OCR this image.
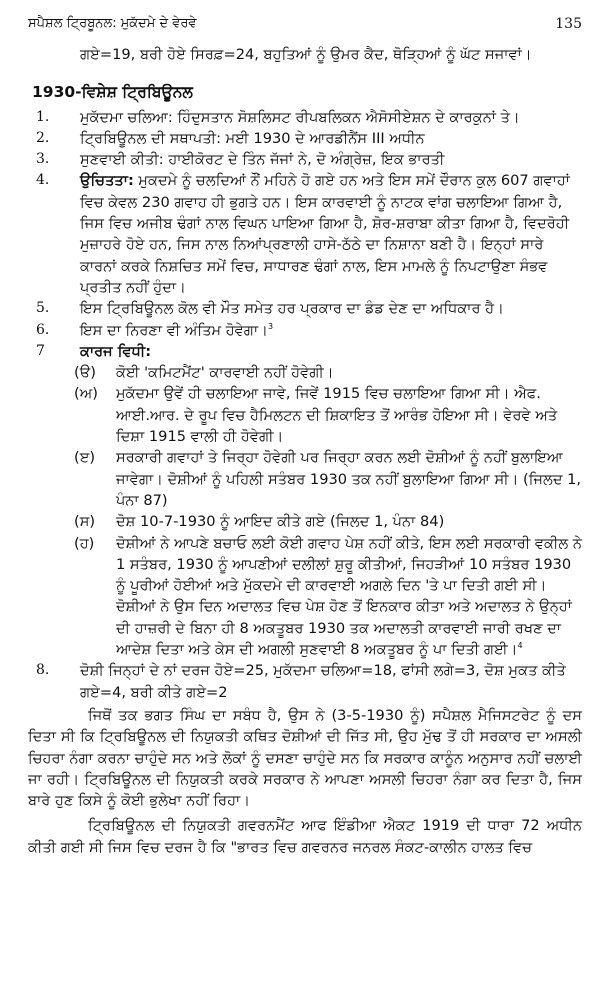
ਸਪੈਸ਼ਲ ਟ੍ਰਿਬੂਨਲ: ਮੁਕੱਦਮੇ ਦੇ ਵੇਰਵੇ	135

ਗਏ=19, ਬਰੀ ਹੋਏ ਸਿਰਫ਼=24, ਬਹੁਤਿਆਂ ਨੂੰ ਉਮਰ ਕੈਦ, ਥੋੜ੍ਹਿਆਂ ਨੂੰ ਘੱਟ ਸਜਾਵਾਂ।

1930-ਵਿਸ਼ੇਸ਼ ਟ੍ਰਿਬਿਊਨਲ
1. ਮੁਕੱਦਮਾ ਚਲਿਆ: ਹਿੰਦੁਸਤਾਨ ਸੋਸ਼ਲਿਸਟ ਰੀਪਬਲਿਕਨ ਐਸੋਸੀਏਸ਼ਨ ਦੇ ਕਾਰਕੁਨਾਂ ਤੇ।
2. ਟ੍ਰਿਬਿਊਨਲ ਦੀ ਸਥਾਪਤੀ: ਮਈ 1930 ਦੇ ਆਰਡੀਨੈਂਸ III ਅਧੀਨ
3. ਸੁਣਵਾਈ ਕੀਤੀ: ਹਾਈਕੋਰਟ ਦੇ ਤਿੰਨ ਜੱਜਾਂ ਨੇ, ਦੋ ਅੰਗ੍ਰੇਜ਼, ਇਕ ਭਾਰਤੀ
4. ਉਚਿਤਤਾ: ਮੁਕਦਮੇ ਨੂੰ ਚਲਦਿਆਂ ਨੌਂ ਮਹਿਨੇ ਹੋ ਗਏ ਹਨ ਅਤੇ ਇਸ ਸਮੇਂ ਦੌਰਾਨ ਕੁਲ 607 ਗਵਾਹਾਂ ਵਿਚ ਕੇਵਲ 230 ਗਵਾਹ ਹੀ ਭੁਗਤੇ ਹਨ। ਇਸ ਕਾਰਵਾਈ ਨੂੰ ਨਾਟਕ ਵਾਂਗ ਚਲਾਇਆ ਗਿਆ ਹੈ, ਜਿਸ ਵਿਚ ਅਜੀਬ ਢੰਗਾਂ ਨਾਲ ਵਿਘਨ ਪਾਇਆ ਗਿਆ ਹੈ, ਸ਼ੋਰ-ਸ਼ਰਾਬਾ ਕੀਤਾ ਗਿਆ ਹੈ, ਵਿਦਰੋਹੀ ਮੁਜ਼ਾਹਰੇ ਹੋਏ ਹਨ, ਜਿਸ ਨਾਲ ਨਿਆਂਪ੍ਰਣਾਲੀ ਹਾਸੇ-ਠੱਠੇ ਦਾ ਨਿਸ਼ਾਨਾ ਬਣੀ ਹੈ। ਇਨ੍ਹਾਂ ਸਾਰੇ ਕਾਰਨਾਂ ਕਰਕੇ ਨਿਸ਼ਚਿਤ ਸਮੇਂ ਵਿਚ, ਸਾਧਾਰਣ ਢੰਗਾਂ ਨਾਲ, ਇਸ ਮਾਮਲੇ ਨੂੰ ਨਿਪਟਾਉਣਾ ਸੰਭਵ ਪ੍ਰਤੀਤ ਨਹੀਂ ਹੁੰਦਾ।
5. ਇਸ ਟ੍ਰਿਬਿਊਨਲ ਕੋਲ ਵੀ ਮੌਤ ਸਮੇਤ ਹਰ ਪ੍ਰਕਾਰ ਦਾ ਡੰਡ ਦੇਣ ਦਾ ਅਧਿਕਾਰ ਹੈ।
6. ਇਸ ਦਾ ਨਿਰਣਾ ਵੀ ਅੰਤਿਮ ਹੋਵੇਗਾ।$^3$
7 ਕਾਰਜ ਵਿਧੀ:
(ੳ) ਕੋਈ 'ਕਮਿਟਮੈਂਟ' ਕਾਰਵਾਈ ਨਹੀਂ ਹੋਵੇਗੀ।
(ਅ) ਮੁਕੱਦਮਾ ਉਵੇਂ ਹੀ ਚਲਾਇਆ ਜਾਵੇ, ਜਿਵੇਂ 1915 ਵਿਚ ਚਲਾਇਆ ਗਿਆ ਸੀ। ਐਫ. ਆਈ.ਆਰ. ਦੇ ਰੂਪ ਵਿਚ ਹੈਮਿਲਟਨ ਦੀ ਸ਼ਿਕਾਇਤ ਤੋਂ ਆਰੰਭ ਹੋਇਆ ਸੀ। ਵੇਰਵੇ ਅਤੇ ਦਿਸ਼ਾ 1915 ਵਾਲੀ ਹੀ ਹੋਵੇਗੀ।
(ੲ) ਸਰਕਾਰੀ ਗਵਾਹਾਂ ਤੇ ਜਿਰ੍ਹਾ ਹੋਵੇਗੀ ਪਰ ਜਿਰ੍ਹਾ ਕਰਨ ਲਈ ਦੋਸ਼ੀਆਂ ਨੂੰ ਨਹੀਂ ਬੁਲਾਇਆ ਜਾਵੇਗਾ। ਦੋਸ਼ੀਆਂ ਨੂੰ ਪਹਿਲੀ ਸਤੰਬਰ 1930 ਤਕ ਨਹੀਂ ਬੁਲਾਇਆ ਗਿਆ ਸੀ। (ਜਿਲਦ 1, ਪੰਨਾ 87)
(ਸ) ਦੋਸ਼ 10-7-1930 ਨੂੰ ਆਇਦ ਕੀਤੇ ਗਏ (ਜਿਲਦ 1, ਪੰਨਾ 84)
(ਹ) ਦੋਸ਼ੀਆਂ ਨੇ ਆਪਣੇ ਬਚਾਓ ਲਈ ਕੋਈ ਗਵਾਹ ਪੇਸ਼ ਨਹੀਂ ਕੀਤੇ, ਇਸ ਲਈ ਸਰਕਾਰੀ ਵਕੀਲ ਨੇ 1 ਸਤੰਬਰ, 1930 ਨੂੰ ਆਪਣੀਆਂ ਦਲੀਲਾਂ ਸ਼ੁਰੂ ਕੀਤੀਆਂ, ਜਿਹੜੀਆਂ 10 ਸਤੰਬਰ 1930 ਨੂੰ ਪੂਰੀਆਂ ਹੋਈਆਂ ਅਤੇ ਮੁੱਕਦਮੇ ਦੀ ਕਾਰਵਾਈ ਅਗਲੇ ਦਿਨ 'ਤੇ ਪਾ ਦਿਤੀ ਗਈ ਸੀ। ਦੋਸ਼ੀਆਂ ਨੇ ਉਸ ਦਿਨ ਅਦਾਲਤ ਵਿਚ ਪੇਸ਼ ਹੋਣ ਤੋਂ ਇਨਕਾਰ ਕੀਤਾ ਅਤੇ ਅਦਾਲਤ ਨੇ ਉਨ੍ਹਾਂ ਦੀ ਹਾਜ਼ਰੀ ਦੇ ਬਿਨਾ ਹੀ 8 ਅਕਤੂਬਰ 1930 ਤਕ ਅਦਾਲਤੀ ਕਾਰਵਾਈ ਜਾਰੀ ਰਖਣ ਦਾ ਆਦੇਸ਼ ਦਿਤਾ ਅਤੇ ਕੇਸ ਦੀ ਅਗਲੀ ਸੁਣਵਾਈ 8 ਅਕਤੂਬਰ ਨੂੰ ਪਾ ਦਿਤੀ ਗਈ।$^4$
8. ਦੋਸ਼ੀ ਜਿਨ੍ਹਾਂ ਦੇ ਨਾਂ ਦਰਜ ਹੋਏ=25, ਮੁਕੱਦਮਾ ਚਲਿਆ=18, ਫਾਂਸੀ ਲਗੇ=3, ਦੋਸ਼ ਮੁਕਤ ਕੀਤੇ ਗਏ=4, ਬਰੀ ਕੀਤੇ ਗਏ=2

ਜਿਥੋਂ ਤਕ ਭਗਤ ਸਿੰਘ ਦਾ ਸਬੰਧ ਹੈ, ਉਸ ਨੇ (3-5-1930 ਨੂੰ) ਸਪੈਸ਼ਲ ਮੈਜਿਸਟਰੇਟ ਨੂੰ ਦਸ ਦਿਤਾ ਸੀ ਕਿ ਟ੍ਰਿਬਿਊਨਲ ਦੀ ਨਿਯੁਕਤੀ ਕਥਿਤ ਦੋਸ਼ੀਆਂ ਦੀ ਜਿੱਤ ਸੀ, ਉਹ ਮੁੱਢ ਤੋਂ ਹੀ ਸਰਕਾਰ ਦਾ ਅਸਲੀ ਚਿਹਰਾ ਨੰਗਾ ਕਰਨਾ ਚਾਹੁੰਦੇ ਸਨ ਅਤੇ ਲੋਕਾਂ ਨੂੰ ਦਸਣਾ ਚਾਹੁੰਦੇ ਸਨ ਕਿ ਸਰਕਾਰ ਕਾਨੂੰਨ ਅਨੁਸਾਰ ਨਹੀਂ ਚਲਾਈ ਜਾ ਰਹੀ। ਟ੍ਰਿਬਿਊਨਲ ਦੀ ਨਿਯੁਕਤੀ ਕਰਕੇ ਸਰਕਾਰ ਨੇ ਆਪਣਾ ਅਸਲੀ ਚਿਹਰਾ ਨੰਗਾ ਕਰ ਦਿਤਾ ਹੈ, ਜਿਸ ਬਾਰੇ ਹੁਣ ਕਿਸੇ ਨੂੰ ਕੋਈ ਭੁਲੇਖਾ ਨਹੀਂ ਰਿਹਾ।

ਟ੍ਰਿਬਿਊਨਲ ਦੀ ਨਿਯੁਕਤੀ ਗਵਰਨਮੈਂਟ ਆਫ ਇੰਡੀਆ ਐਕਟ 1919 ਦੀ ਧਾਰਾ 72 ਅਧੀਨ ਕੀਤੀ ਗਈ ਸੀ ਜਿਸ ਵਿਚ ਦਰਜ ਹੈ ਕਿ "ਭਾਰਤ ਵਿਚ ਗਵਰਨਰ ਜਨਰਲ ਸੰਕਟ-ਕਾਲੀਨ ਹਾਲਤ ਵਿਚ
